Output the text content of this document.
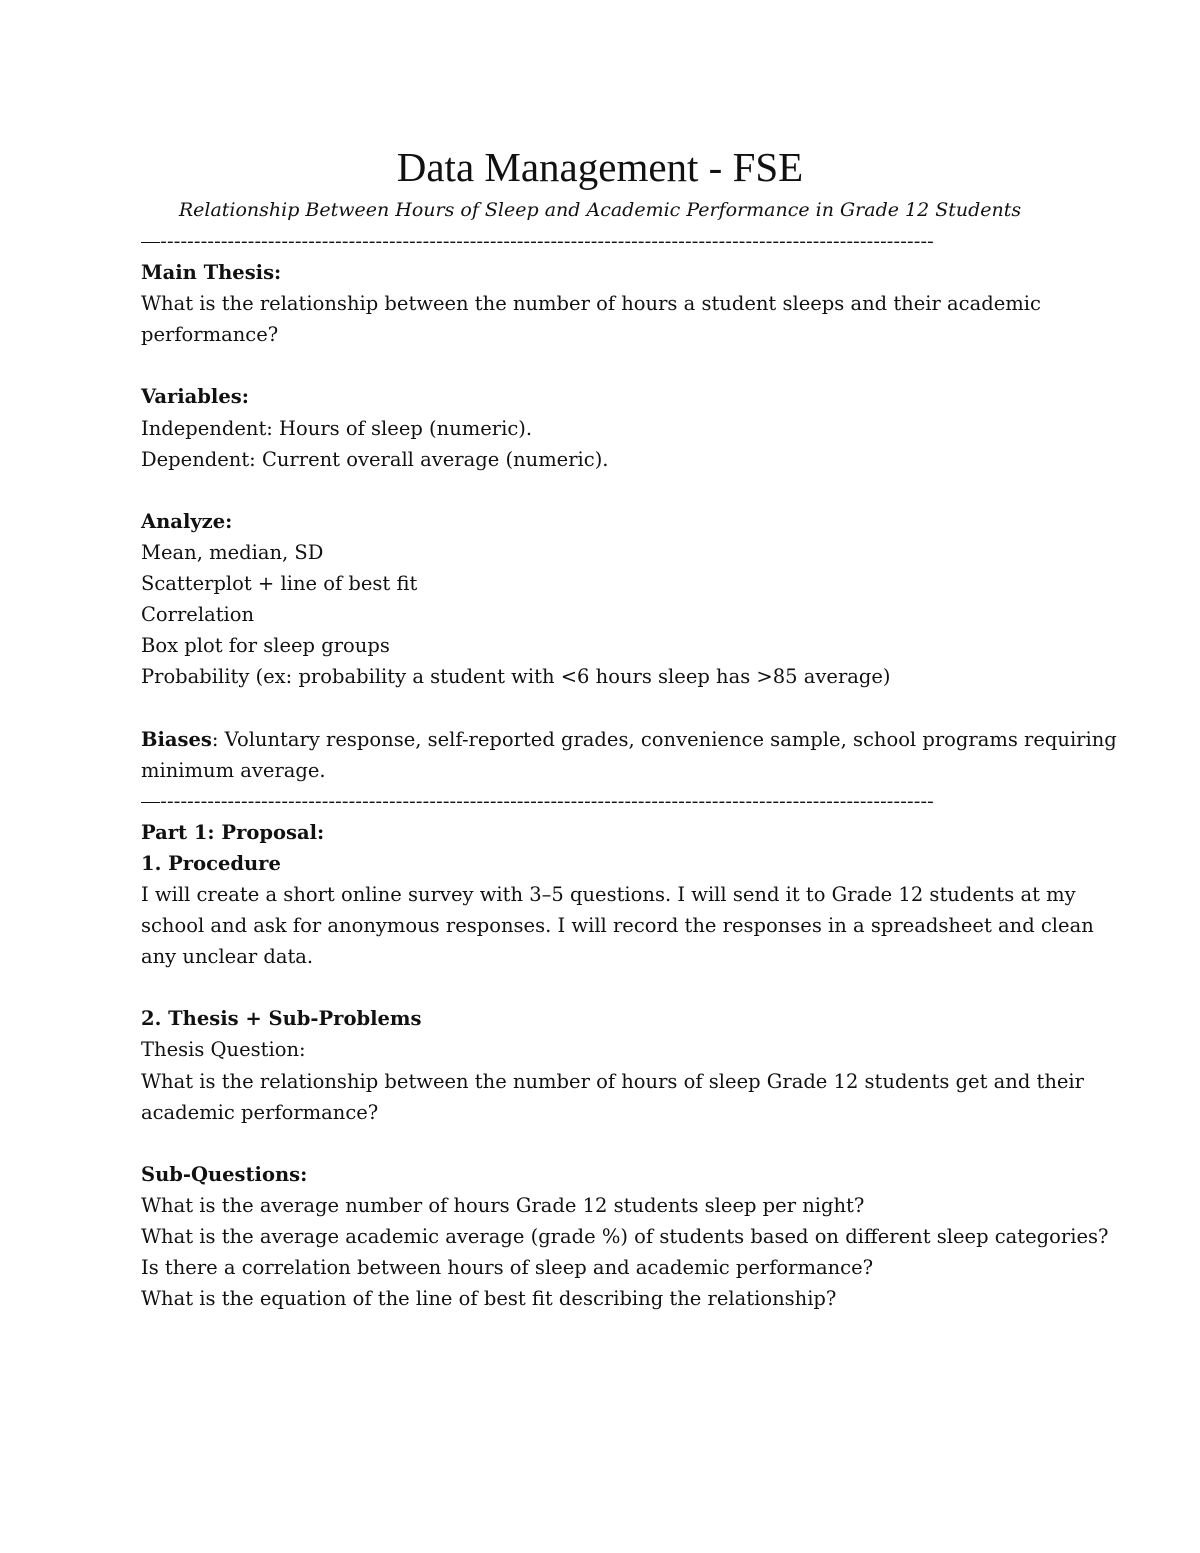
Data Management - FSE

Relationship Between Hours of Sleep and Academic Performance in Grade 12 Students

—-------------------------------------------------------------------------------------------------------------------
Main Thesis:
What is the relationship between the number of hours a student sleeps and their academic
performance?
Variables:
Independent: Hours of sleep (numeric).
Dependent: Current overall average (numeric).
Analyze:
Mean, median, SD
Scatterplot + line of best fit
Correlation
Box plot for sleep groups
Probability (ex: probability a student with <6 hours sleep has >85 average)
Biases: Voluntary response, self-reported grades, convenience sample, school programs requiring
minimum average.
—-------------------------------------------------------------------------------------------------------------------
Part 1: Proposal:
1. Procedure
I will create a short online survey with 3–5 questions. I will send it to Grade 12 students at my
school and ask for anonymous responses. I will record the responses in a spreadsheet and clean
any unclear data.
2. Thesis + Sub-Problems
Thesis Question:
What is the relationship between the number of hours of sleep Grade 12 students get and their
academic performance?
Sub-Questions:
What is the average number of hours Grade 12 students sleep per night?
What is the average academic average (grade %) of students based on different sleep categories?
Is there a correlation between hours of sleep and academic performance?
What is the equation of the line of best fit describing the relationship?
